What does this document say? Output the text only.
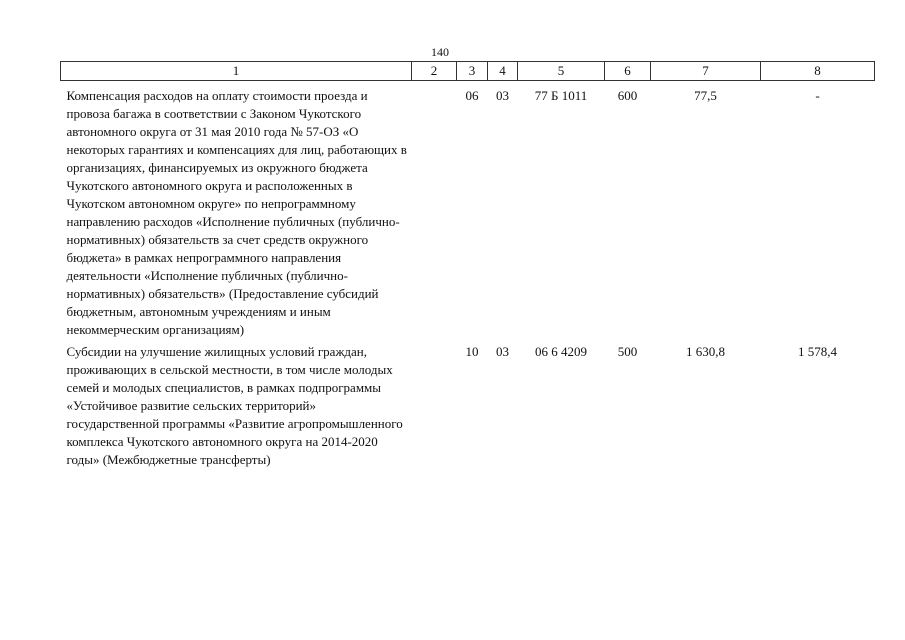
140
1	2	3	4	5	6	7	8
Компенсация расходов на оплату стоимости проезда и провоза багажа в соответствии с Законом Чукотского автономного округа от 31 мая 2010 года № 57-ОЗ «О некоторых гарантиях и компенсациях для лиц, работающих в организациях, финансируемых из окружного бюджета Чукотского автономного округа и расположенных в Чукотском автономном округе» по непрограммному направлению расходов «Исполнение публичных (публично-нормативных) обязательств за счет средств окружного бюджета» в рамках непрограммного направления деятельности «Исполнение публичных (публично-нормативных) обязательств» (Предоставление субсидий бюджетным, автономным учреждениям и иным некоммерческим организациям)		06	03	77 Б 1011	600	77,5	-
Субсидии на улучшение жилищных условий граждан, проживающих в сельской местности, в том числе молодых семей и молодых специалистов, в рамках подпрограммы «Устойчивое развитие сельских территорий» государственной программы «Развитие агропромышленного комплекса Чукотского автономного округа на 2014-2020 годы» (Межбюджетные трансферты)		10	03	06 6 4209	500	1 630,8	1 578,4
